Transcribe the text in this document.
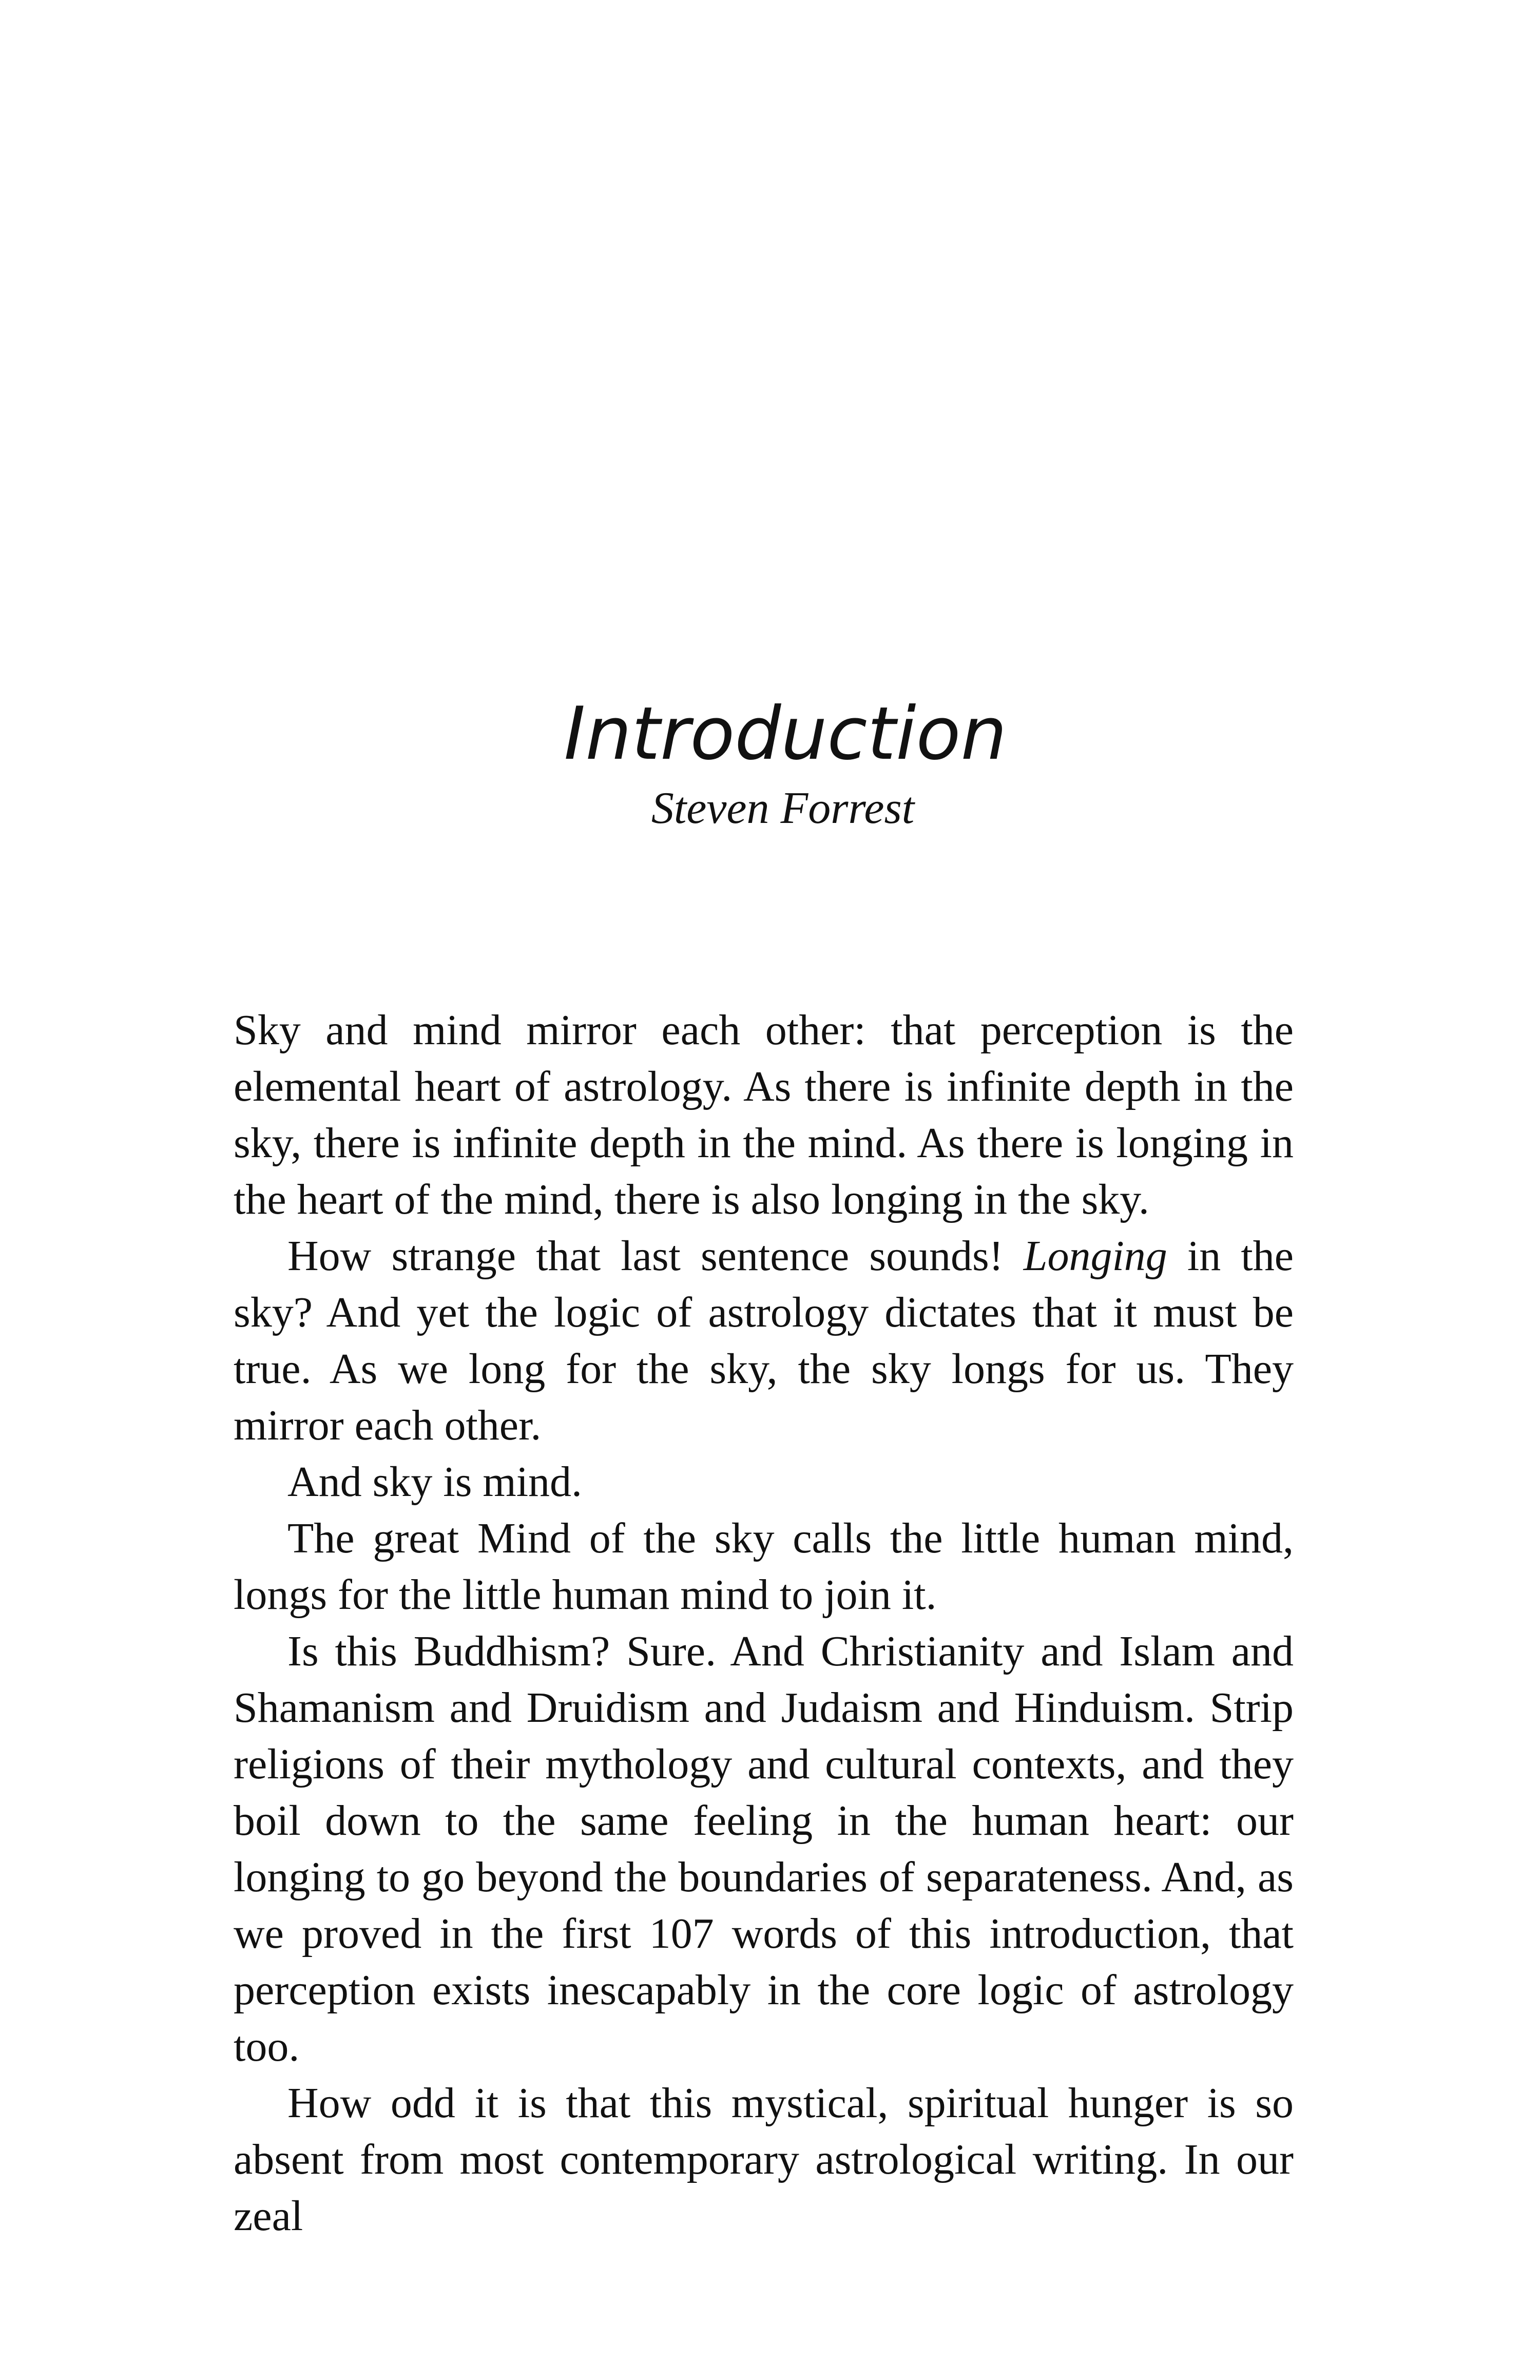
Introduction

Steven Forrest

Sky and mind mirror each other: that perception is the elemental heart of astrology. As there is infinite depth in the sky, there is infinite depth in the mind. As there is longing in the heart of the mind, there is also longing in the sky.

How strange that last sentence sounds! Longing in the sky? And yet the logic of astrology dictates that it must be true. As we long for the sky, the sky longs for us. They mirror each other.

And sky is mind.

The great Mind of the sky calls the little human mind, longs for the little human mind to join it.

Is this Buddhism? Sure. And Christianity and Islam and Shamanism and Druidism and Judaism and Hinduism. Strip religions of their mythology and cultural contexts, and they boil down to the same feeling in the human heart: our longing to go beyond the boundaries of separateness. And, as we proved in the first 107 words of this introduction, that perception exists inescapably in the core logic of astrology too.

How odd it is that this mystical, spiritual hunger is so absent from most contemporary astrological writing. In our zeal
